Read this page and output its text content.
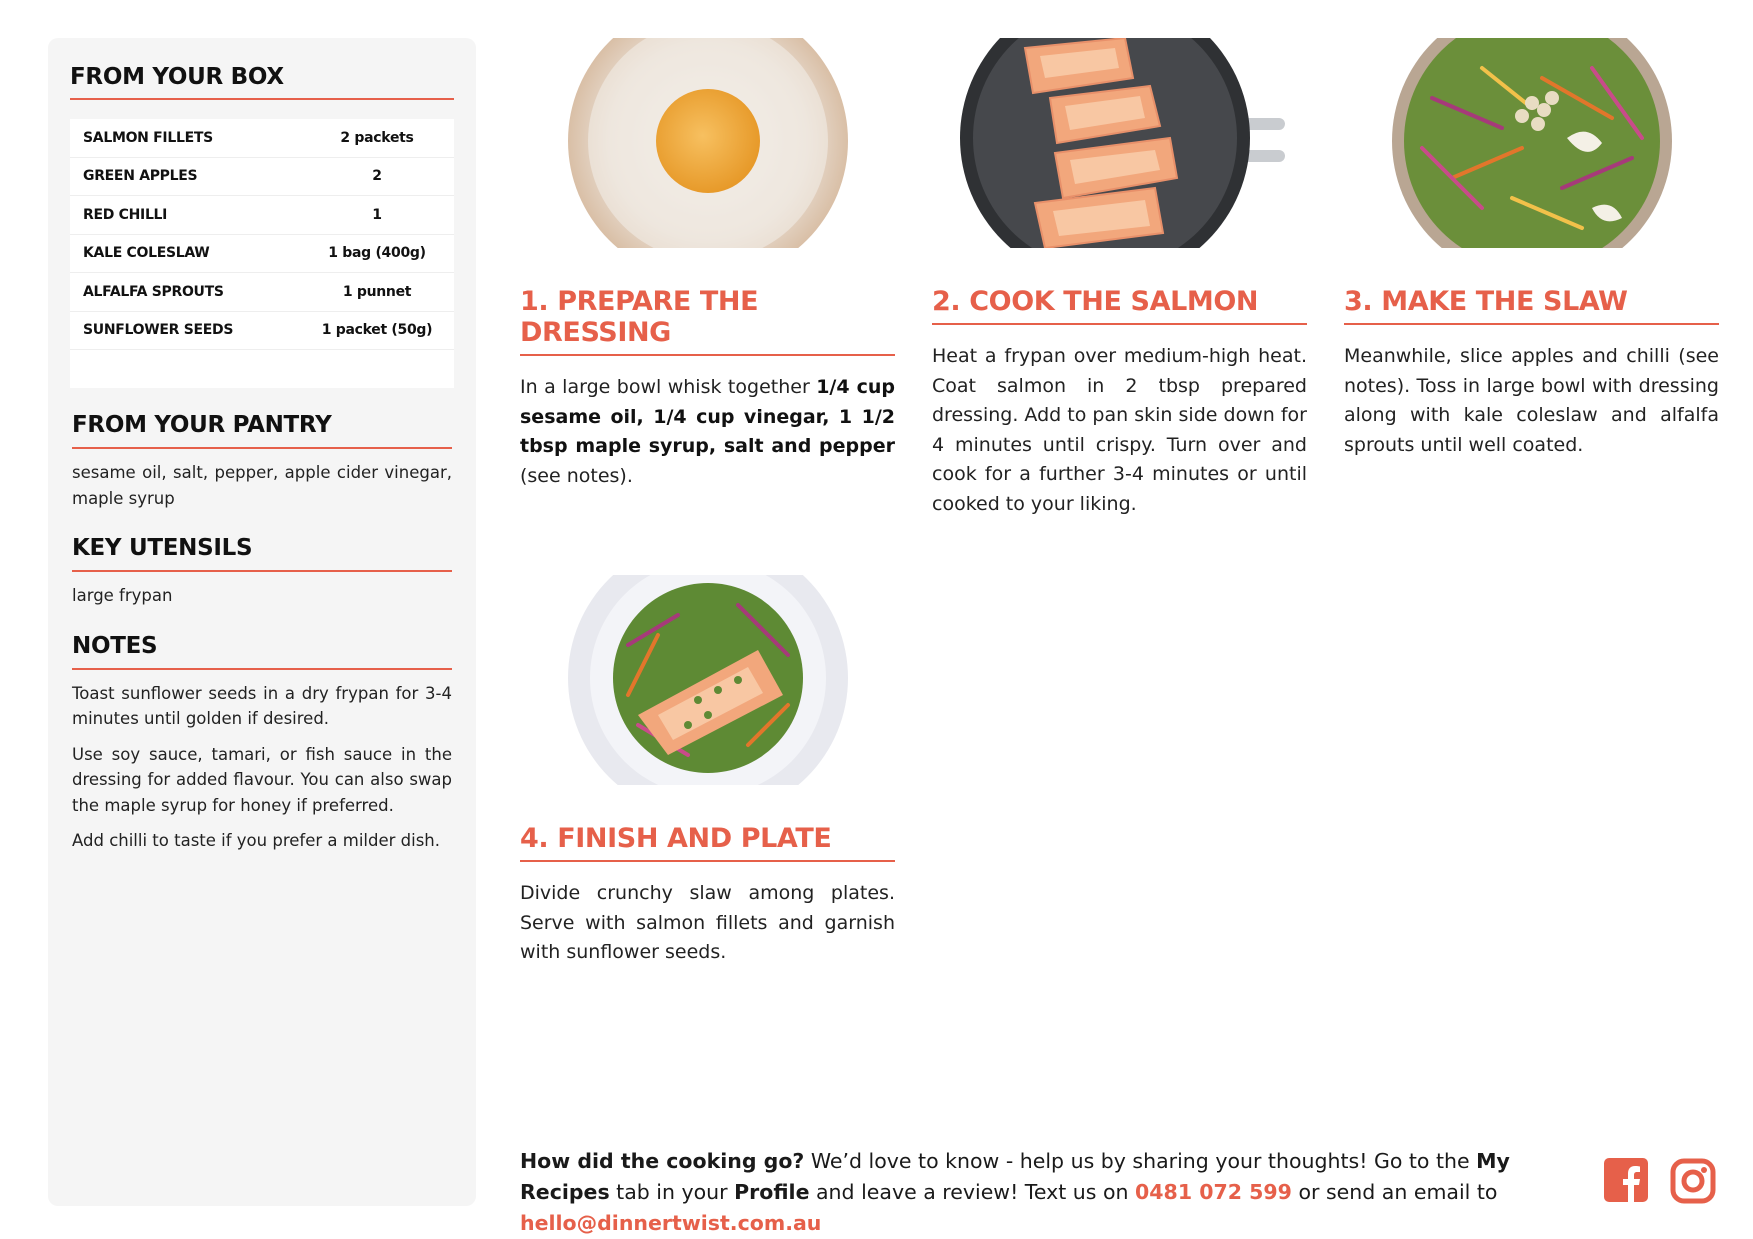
FROM YOUR BOX
SALMON FILLETS	2 packets
GREEN APPLES	2
RED CHILLI	1
KALE COLESLAW	1 bag (400g)
ALFALFA SPROUTS	1 punnet
SUNFLOWER SEEDS	1 packet (50g)
FROM YOUR PANTRY
sesame oil, salt, pepper, apple cider vinegar, maple syrup
KEY UTENSILS
large frypan
NOTES

Toast sunflower seeds in a dry frypan for 3-4 minutes until golden if desired.

Use soy sauce, tamari, or fish sauce in the dressing for added flavour. You can also swap the maple syrup for honey if preferred.

Add chilli to taste if you prefer a milder dish.

1. PREPARE THE DRESSING

In a large bowl whisk together 1/4 cup sesame oil, 1/4 cup vinegar, 1 1/2 tbsp maple syrup, salt and pepper (see notes).

2. COOK THE SALMON

Heat a frypan over medium-high heat. Coat salmon in 2 tbsp prepared dressing. Add to pan skin side down for 4 minutes until crispy. Turn over and cook for a further 3-4 minutes or until cooked to your liking.

3. MAKE THE SLAW

Meanwhile, slice apples and chilli (see notes). Toss in large bowl with dressing along with kale coleslaw and alfalfa sprouts until well coated.

4. FINISH AND PLATE

Divide crunchy slaw among plates. Serve with salmon fillets and garnish with sunflower seeds.

How did the cooking go? We’d love to know - help us by sharing your thoughts! Go to the My Recipes tab in your Profile and leave a review! Text us on 0481 072 599 or send an email to hello@dinnertwist.com.au
